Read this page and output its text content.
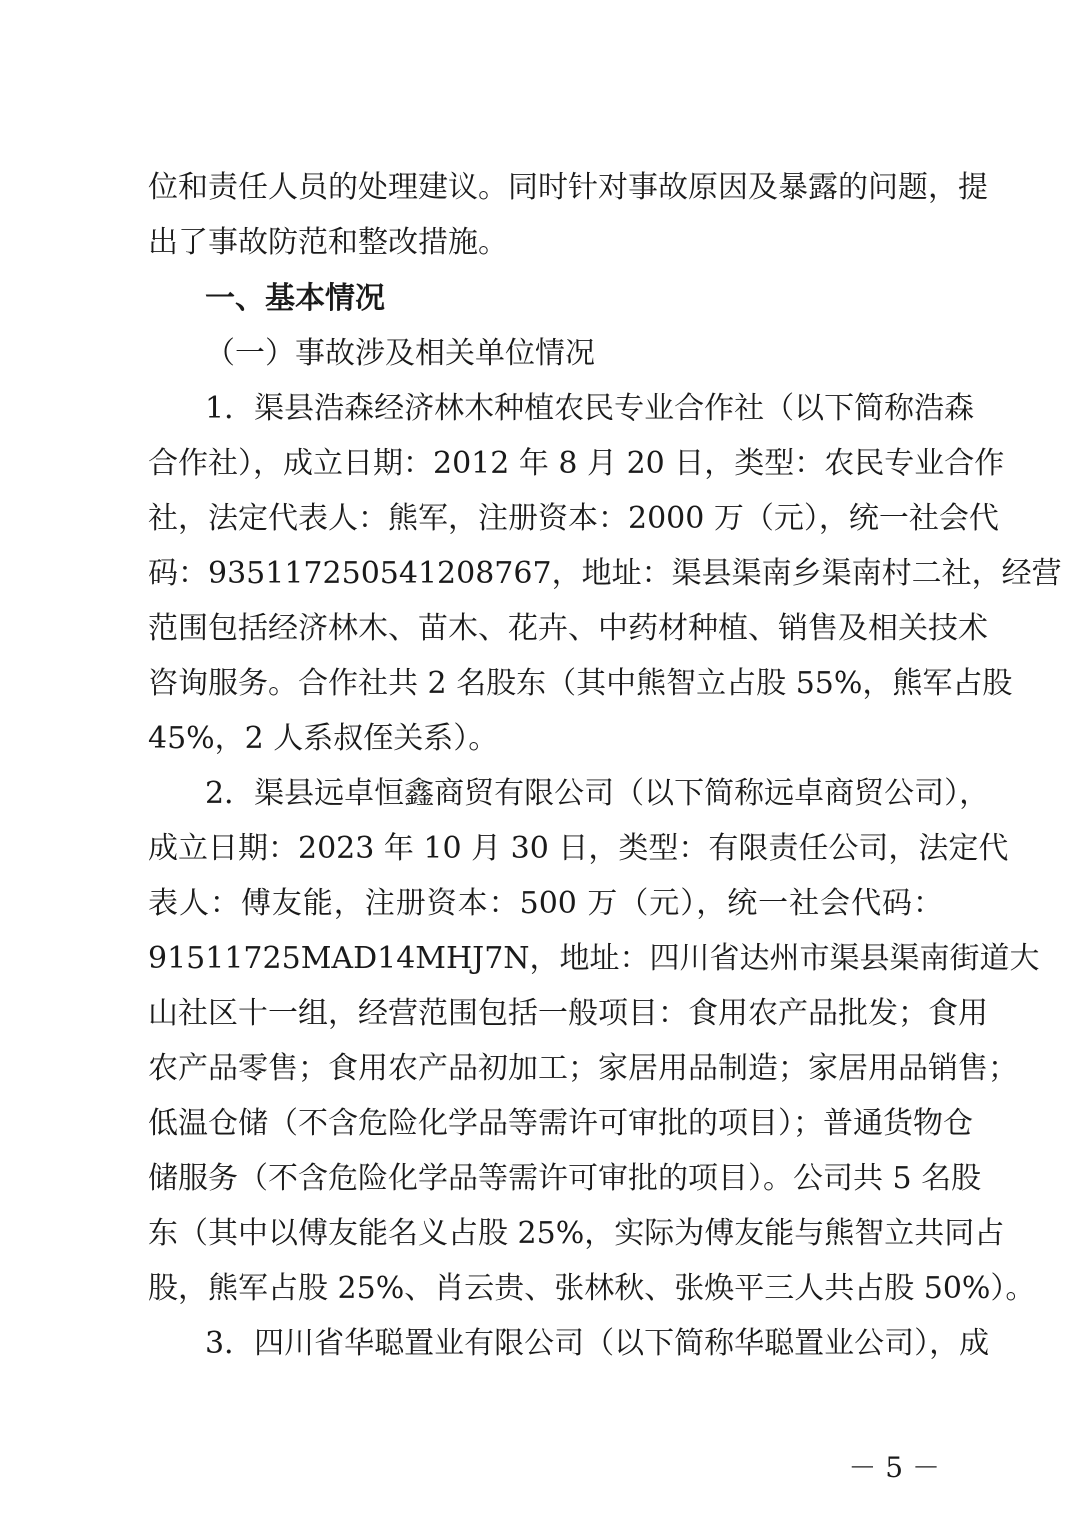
位和责任人员的处理建议。同时针对事故原因及暴露的问题，提
出了事故防范和整改措施。
一、基本情况
（一）事故涉及相关单位情况
1．渠县浩森经济林木种植农民专业合作社（以下简称浩森
合作社），成立日期：2012 年 8 月 20 日，类型：农民专业合作
社，法定代表人：熊军，注册资本：2000 万（元），统一社会代
码：935117250541208767，地址：渠县渠南乡渠南村二社，经营
范围包括经济林木、苗木、花卉、中药材种植、销售及相关技术
咨询服务。合作社共 2 名股东（其中熊智立占股 55%，熊军占股
45%，2 人系叔侄关系）。
2．渠县远卓恒鑫商贸有限公司（以下简称远卓商贸公司），
成立日期：2023 年 10 月 30 日，类型：有限责任公司，法定代
表人：傅友能，注册资本：500 万（元），统一社会代码：
91511725MAD14MHJ7N，地址：四川省达州市渠县渠南街道大
山社区十一组，经营范围包括一般项目：食用农产品批发；食用
农产品零售；食用农产品初加工；家居用品制造；家居用品销售；
低温仓储（不含危险化学品等需许可审批的项目）；普通货物仓
储服务（不含危险化学品等需许可审批的项目）。公司共 5 名股
东（其中以傅友能名义占股 25%，实际为傅友能与熊智立共同占
股，熊军占股 25%、肖云贵、张林秋、张焕平三人共占股 50%）。
3．四川省华聪置业有限公司（以下简称华聪置业公司），成
－ 5 －
